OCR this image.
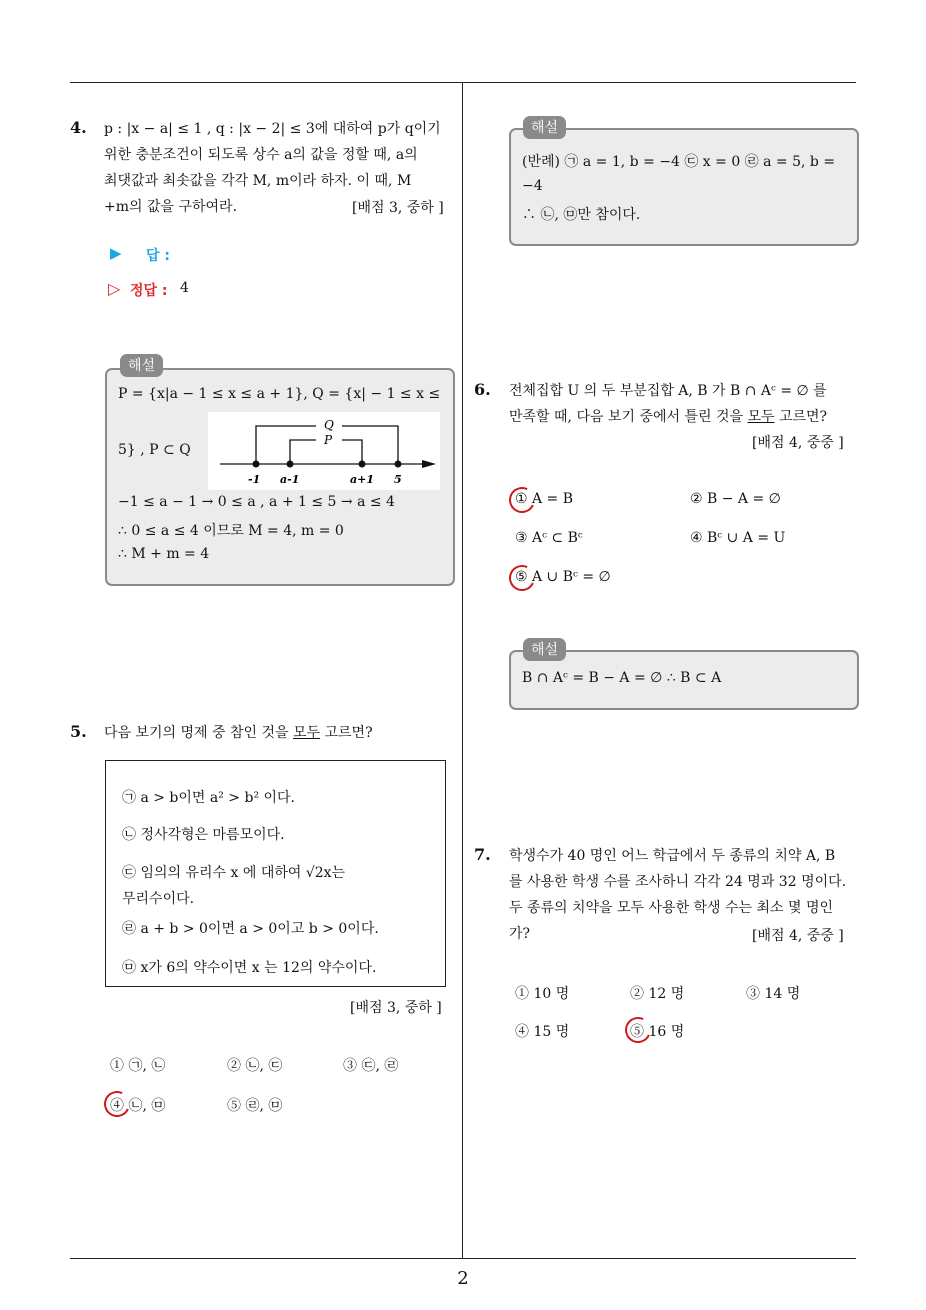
2
4. p : |x − a| ≤ 1 , q : |x − 2| ≤ 3에 대하여 p가 q이기
위한 충분조건이 되도록 상수 a의 값을 정할 때, a의
최댓값과 최솟값을 각각 M, m이라 하자. 이 때, M
+m의 값을 구하여라.	[배점 3, 중하 ]
▶ 답 :
▷ 정답 : 4
해설
P = {x|a − 1 ≤ x ≤ a + 1}, Q = {x| − 1 ≤ x ≤
5} , P ⊂ Q
Q
P
-1 a-1	a+1 5
−1 ≤ a − 1 → 0 ≤ a , a + 1 ≤ 5 → a ≤ 4
∴ 0 ≤ a ≤ 4 이므로 M = 4, m = 0
∴ M + m = 4
5. 다음 보기의 명제 중 참인 것을 모두 고르면?
㉠ a > b이면 a² > b² 이다.
㉡ 정사각형은 마름모이다.
㉢ 임의의 유리수 x 에 대하여 √2x는
무리수이다.
㉣ a + b > 0이면 a > 0이고 b > 0이다.
㉤ x가 6의 약수이면 x 는 12의 약수이다.
[배점 3, 중하 ]
① ㉠, ㉡	② ㉡, ㉢	③ ㉢, ㉣
④ ㉡, ㉤	⑤ ㉣, ㉤
해설
(반례) ㉠ a = 1, b = −4 ㉢ x = 0 ㉣ a = 5, b =
−4
∴ ㉡, ㉤만 참이다.
6. 전체집합 U 의 두 부분집합 A, B 가 B ∩ Aᶜ = ∅ 를
만족할 때, 다음 보기 중에서 틀린 것을 모두 고르면?
[배점 4, 중중 ]
① A = B	② B − A = ∅
③ Aᶜ ⊂ Bᶜ	④ Bᶜ ∪ A = U
⑤ A ∪ Bᶜ = ∅
해설
B ∩ Aᶜ = B − A = ∅ ∴ B ⊂ A
7. 학생수가 40 명인 어느 학급에서 두 종류의 치약 A, B
를 사용한 학생 수를 조사하니 각각 24 명과 32 명이다.
두 종류의 치약을 모두 사용한 학생 수는 최소 몇 명인
가?	[배점 4, 중중 ]
① 10 명	② 12 명	③ 14 명
④ 15 명	⑤ 16 명
